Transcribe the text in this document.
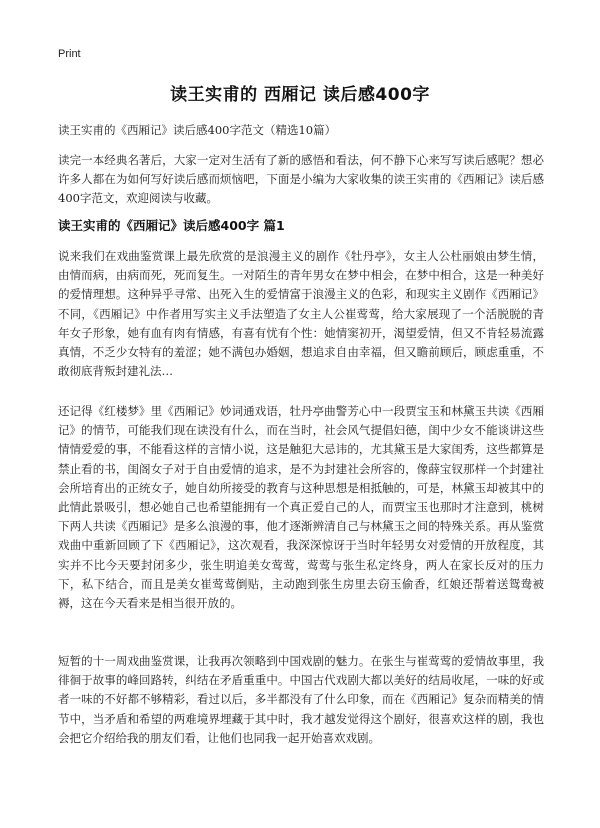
Print
读王实甫的 西厢记 读后感400字
读王实甫的《西厢记》读后感400字范文（精选10篇）
读完一本经典名著后，大家一定对生活有了新的感悟和看法，何不静下心来写写读后感呢？想必许多人都在为如何写好读后感而烦恼吧，下面是小编为大家收集的读王实甫的《西厢记》读后感400字范文，欢迎阅读与收藏。
读王实甫的《西厢记》读后感400字 篇1
说来我们在戏曲鉴赏课上最先欣赏的是浪漫主义的剧作《牡丹亭》，女主人公杜丽娘由梦生情，由情而病，由病而死，死而复生。一对陌生的青年男女在梦中相会，在梦中相合，这是一种美好的爱情理想。这种异乎寻常、出死入生的爱情富于浪漫主义的色彩，和现实主义剧作《西厢记》不同，《西厢记》中作者用写实主义手法塑造了女主人公崔莺莺，给大家展现了一个活脱脱的青年女子形象，她有血有肉有情感，有喜有忧有个性：她情窦初开，渴望爱情，但又不肯轻易流露真情，不乏少女特有的羞涩；她不满包办婚姻，想追求自由幸福，但又瞻前顾后，顾虑重重，不敢彻底背叛封建礼法…
还记得《红楼梦》里《西厢记》妙词通戏语，牡丹亭曲警芳心中一段贾宝玉和林黛玉共读《西厢记》的情节，可能我们现在读没有什么，而在当时，社会风气提倡妇德，闺中少女不能谈讲这些情情爱爱的事，不能看这样的言情小说，这是触犯大忌讳的，尤其黛玉是大家闺秀，这些都算是禁止看的书，闺阁女子对于自由爱情的追求，是不为封建社会所容的，像薛宝钗那样一个封建社会所培育出的正统女子，她自幼所接受的教育与这种思想是相抵触的，可是，林黛玉却被其中的此情此景吸引，想必她自己也希望能拥有一个真正爱自己的人，而贾宝玉也那时才注意到，桃树下两人共读《西厢记》是多么浪漫的事，他才逐渐辨清自己与林黛玉之间的特殊关系。再从鉴赏戏曲中重新回顾了下《西厢记》，这次观看，我深深惊讶于当时年轻男女对爱情的开放程度，其实并不比今天要封闭多少，张生明追美女莺莺，莺莺与张生私定终身，两人在家长反对的压力下，私下结合，而且是美女崔莺莺倒贴，主动跑到张生房里去窃玉偷香，红娘还帮着送鸳鸯被褥，这在今天看来是相当很开放的。
短暂的十一周戏曲鉴赏课，让我再次领略到中国戏剧的魅力。在张生与崔莺莺的爱情故事里，我徘徊于故事的峰回路转，纠结在矛盾重重中。中国古代戏剧大都以美好的结局收尾，一味的好或者一味的不好都不够精彩，看过以后，多半都没有了什么印象，而在《西厢记》复杂而精美的情节中，当矛盾和希望的两难境界埋藏于其中时，我才越发觉得这个剧好，很喜欢这样的剧，我也会把它介绍给我的朋友们看，让他们也同我一起开始喜欢戏剧。
